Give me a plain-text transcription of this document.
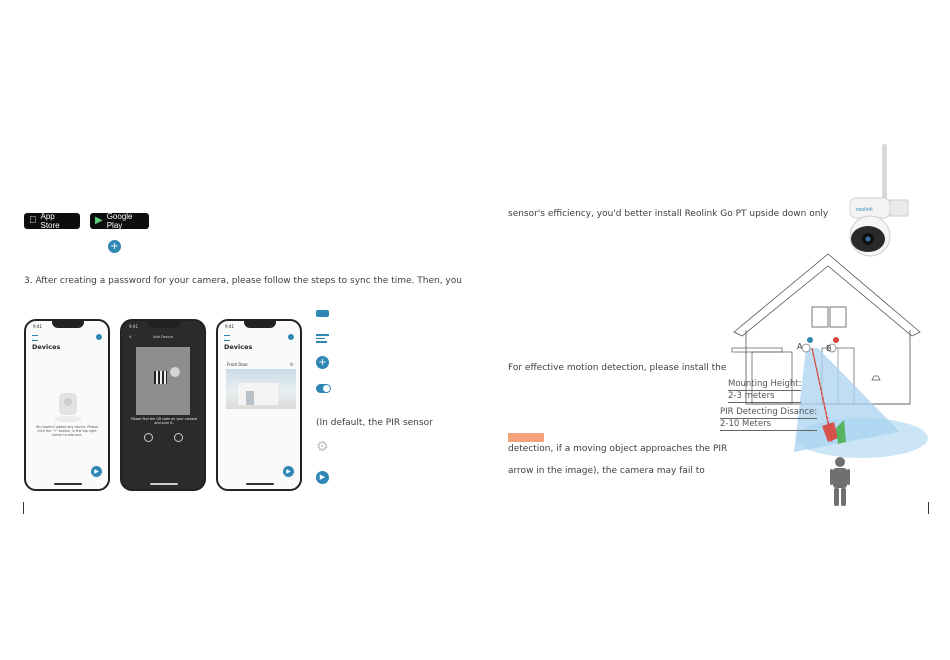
App Store	▶ Google Play
+
3. After creating a password for your camera, please follow the steps to sync the time. Then, you
9:41
Devices
You haven't added any device. Please click the "+" button, in the top right corner to add one.
▶
9:41
‹	Add Device
Please find the QR code on your camera and scan it.
9:41
Devices
Front Door	⚙
▶
+
(In default, the PIR sensor
⚙
▶
sensor's efficiency, you'd better install Reolink Go PT upside down only
For effective motion detection, please install the
detection, if a moving object approaches the PIR
arrow in the image), the camera may fail to
reolink
A	B
Mounting Height:
2-3 meters
PIR Detecting Disance:
2-10 Meters
